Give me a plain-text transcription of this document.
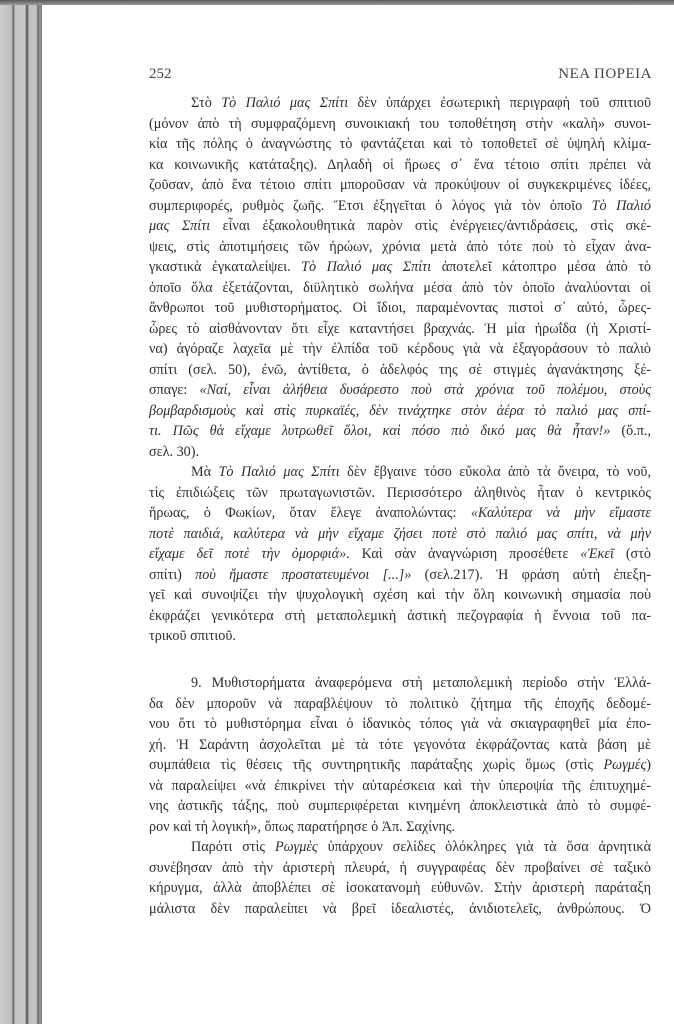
252	ΝΕΑ ΠΟΡΕΙΑ
Στὸ Τὸ Παλιό μας Σπίτι δὲν ὑπάρχει ἐσωτερικὴ περιγραφὴ τοῦ σπιτιοῦ
(μόνον ἀπὸ τὴ συμφραζόμενη συνοικιακή του τοποθέτηση στὴν «καλὴ» συνοι-
κία τῆς πόλης ὁ ἀναγνώστης τὸ φαντάζεται καὶ τὸ τοποθετεῖ σὲ ὑψηλὴ κλίμα-
κα κοινωνικῆς κατάταξης). Δηλαδὴ οἱ ἥρωες σ᾽ ἕνα τέτοιο σπίτι πρέπει νὰ
ζοῦσαν, ἀπὸ ἕνα τέτοιο σπίτι μποροῦσαν νὰ προκύψουν οἱ συγκεκριμένες ἰδέες,
συμπεριφορές, ρυθμὸς ζωῆς. Ἔτσι ἐξηγεῖται ὁ λόγος γιὰ τὸν ὁποῖο Τὸ Παλιό
μας Σπίτι εἶναι ἐξακολουθητικὰ παρὸν στὶς ἐνέργειες/ἀντιδράσεις, στὶς σκέ-
ψεις, στὶς ἀποτιμήσεις τῶν ἡρώων, χρόνια μετὰ ἀπὸ τότε ποὺ τὸ εἶχαν ἀνα-
γκαστικὰ ἐγκαταλείψει. Τὸ Παλιό μας Σπίτι ἀποτελεῖ κάτοπτρο μέσα ἀπὸ τὸ
ὁποῖο ὅλα ἐξετάζονται, διϋλητικὸ σωλήνα μέσα ἀπὸ τὸν ὁποῖο ἀναλύονται οἱ
ἄνθρωποι τοῦ μυθιστορήματος. Οἱ ἴδιοι, παραμένοντας πιστοὶ σ᾽ αὐτό, ὧρες-
ὧρες τὸ αἰσθάνονταν ὅτι εἶχε καταντήσει βραχνάς. Ἡ μία ἡρωΐδα (ἡ Χριστί-
να) ἀγόραζε λαχεῖα μὲ τὴν ἐλπίδα τοῦ κέρδους γιὰ νὰ ἐξαγοράσουν τὸ παλιὸ
σπίτι (σελ. 50), ἐνῶ, ἀντίθετα, ὁ ἀδελφός της σὲ στιγμὲς ἀγανάκτησης ξέ-
σπαγε: «Ναί, εἶναι ἀλήθεια δυσάρεστο ποὺ στὰ χρόνια τοῦ πολέμου, στοὺς
βομβαρδισμοὺς καὶ στὶς πυρκαϊές, δὲν τινάχτηκε στὸν ἀέρα τὸ παλιό μας σπί-
τι. Πῶς θὰ εἴχαμε λυτρωθεῖ ὅλοι, καὶ πόσο πιὸ δικό μας θὰ ἦταν!» (ὅ.π.,
σελ. 30).
Μὰ Τὸ Παλιό μας Σπίτι δὲν ἔβγαινε τόσο εὔκολα ἀπὸ τὰ ὄνειρα, τὸ νοῦ,
τὶς ἐπιδιώξεις τῶν πρωταγωνιστῶν. Περισσότερο ἀληθινὸς ἦταν ὁ κεντρικὸς
ἥρωας, ὁ Φωκίων, ὅταν ἔλεγε ἀναπολώντας: «Καλύτερα νὰ μὴν εἴμαστε
ποτὲ παιδιά, καλύτερα νὰ μὴν εἴχαμε ζήσει ποτὲ στὸ παλιό μας σπίτι, νὰ μὴν
εἴχαμε δεῖ ποτὲ τὴν ὀμορφιά». Καὶ σὰν ἀναγνώριση προσέθετε «Ἐκεῖ (στὸ
σπίτι) ποὺ ἤμαστε προστατευμένοι [...]» (σελ.217). Ἡ φράση αὐτὴ ἐπεξη-
γεῖ καὶ συνοψίζει τὴν ψυχολογικὴ σχέση καὶ τὴν ὅλη κοινωνικὴ σημασία ποὺ
ἐκφράζει γενικότερα στὴ μεταπολεμικὴ ἀστικὴ πεζογραφία ἡ ἔννοια τοῦ πα-
τρικοῦ σπιτιοῦ.
9. Μυθιστορήματα ἀναφερόμενα στὴ μεταπολεμικὴ περίοδο στὴν Ἑλλά-
δα δὲν μποροῦν νὰ παραβλέψουν τὸ πολιτικὸ ζήτημα τῆς ἐποχῆς δεδομέ-
νου ὅτι τὸ μυθιστόρημα εἶναι ὁ ἰδανικὸς τόπος γιὰ νὰ σκιαγραφηθεῖ μία ἐπο-
χή. Ἡ Σαράντη ἀσχολεῖται μὲ τὰ τότε γεγονότα ἐκφράζοντας κατὰ βάση μὲ
συμπάθεια τὶς θέσεις τῆς συντηρητικῆς παράταξης χωρὶς ὅμως (στὶς Ρωγμές)
νὰ παραλείψει «νὰ ἐπικρίνει τὴν αὐταρέσκεια καὶ τὴν ὑπεροψία τῆς ἐπιτυχημέ-
νης ἀστικῆς τάξης, ποὺ συμπεριφέρεται κινημένη ἀποκλειστικὰ ἀπὸ τὸ συμφέ-
ρον καὶ τὴ λογική», ὅπως παρατήρησε ὁ Ἀπ. Σαχίνης.
Παρότι στὶς Ρωγμὲς ὑπάρχουν σελίδες ὁλόκληρες γιὰ τὰ ὅσα ἀρνητικὰ
συνέβησαν ἀπὸ τὴν ἀριστερὴ πλευρά, ἡ συγγραφέας δὲν προβαίνει σὲ ταξικὸ
κήρυγμα, ἀλλὰ ἀποβλέπει σὲ ἰσοκατανομὴ εὐθυνῶν. Στὴν ἀριστερὴ παράταξη
μάλιστα δὲν παραλείπει νὰ βρεῖ ἰδεαλιστές, ἀνιδιοτελεῖς, ἀνθρώπους. Ὁ
